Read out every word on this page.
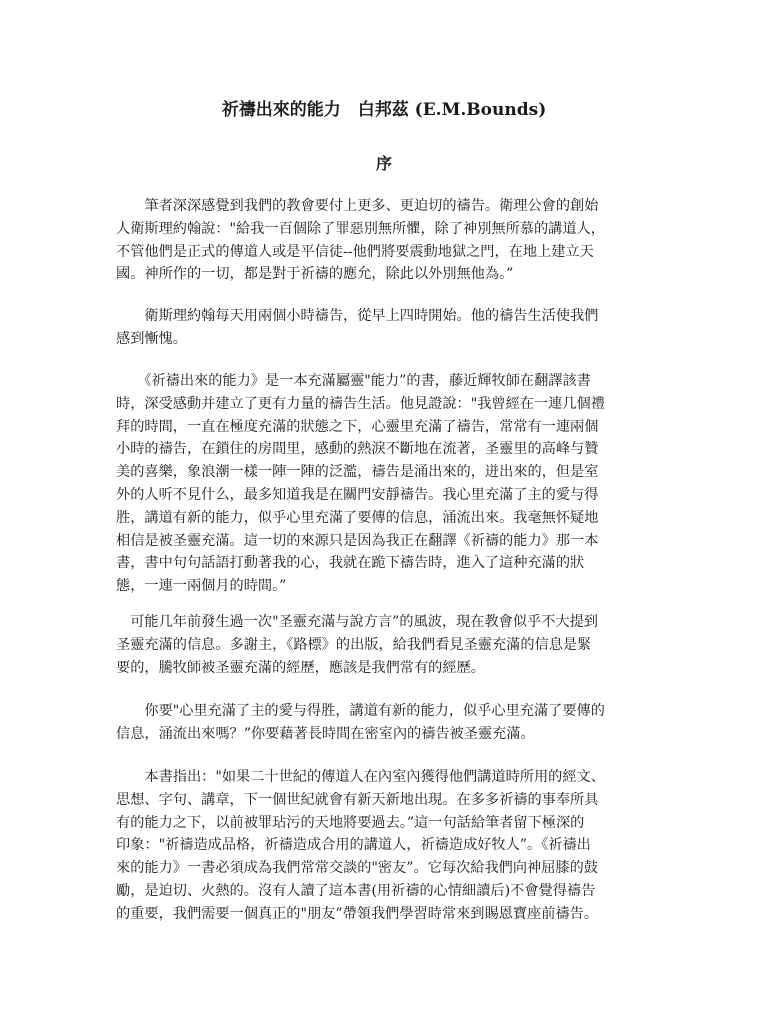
祈禱出來的能力　白邦茲 (E.M.Bounds)
序
　　筆者深深感覺到我們的教會要付上更多、更迫切的禱告。衛理公會的創始
人衛斯理約翰說："給我一百個除了罪惡別無所懼，除了神別無所慕的講道人，
不管他們是正式的傳道人或是平信徒--他們將要震動地獄之門，在地上建立天
國。神所作的一切，都是對于祈禱的應允，除此以外別無他為。”
　　衛斯理約翰每天用兩個小時禱告，從早上四時開始。他的禱告生活使我們
感到慚愧。
　　《祈禱出來的能力》是一本充滿屬靈"能力”的書，藤近輝牧師在翻譯該書
時，深受感動并建立了更有力量的禱告生活。他見證說："我曾經在一連几個禮
拜的時間，一直在極度充滿的狀態之下，心靈里充滿了禱告，常常有一連兩個
小時的禱告，在鎖住的房間里，感動的熱淚不斷地在流著，圣靈里的高峰与贊
美的喜樂，象浪潮一樣一陣一陣的泛濫，禱告是涌出來的，迸出來的，但是室
外的人听不見什么，最多知道我是在關門安靜禱告。我心里充滿了主的愛与得
胜，講道有新的能力，似乎心里充滿了要傳的信息，涌流出來。我毫無怀疑地
相信是被圣靈充滿。這一切的來源只是因為我正在翻譯《祈禱的能力》那一本
書，書中句句話語打動著我的心，我就在跪下禱告時，進入了這种充滿的狀
態，一連一兩個月的時間。”
　可能几年前發生過一次"圣靈充滿与說方言”的風波，現在教會似乎不大提到
圣靈充滿的信息。多謝主，《路標》的出版，給我們看見圣靈充滿的信息是緊
要的，騰牧師被圣靈充滿的經歷，應該是我們常有的經歷。
　　你要"心里充滿了主的愛与得胜，講道有新的能力，似乎心里充滿了要傳的
信息，涌流出來嗎？”你要藉著長時間在密室內的禱告被圣靈充滿。
　　本書指出："如果二十世紀的傳道人在內室內獲得他們講道時所用的經文、
思想、字句、講章，下一個世紀就會有新天新地出現。在多多祈禱的事奉所具
有的能力之下，以前被罪玷污的天地將要過去。”這一句話給筆者留下極深的
印象："祈禱造成品格，祈禱造成合用的講道人，祈禱造成好牧人”。《祈禱出
來的能力》一書必須成為我們常常交談的"密友”。它每次給我們向神屈膝的鼓
勵，是迫切、火熱的。沒有人讀了這本書(用祈禱的心情細讀后)不會覺得禱告
的重要，我們需要一個真正的"朋友”帶領我們學習時常來到賜恩寶座前禱告。
